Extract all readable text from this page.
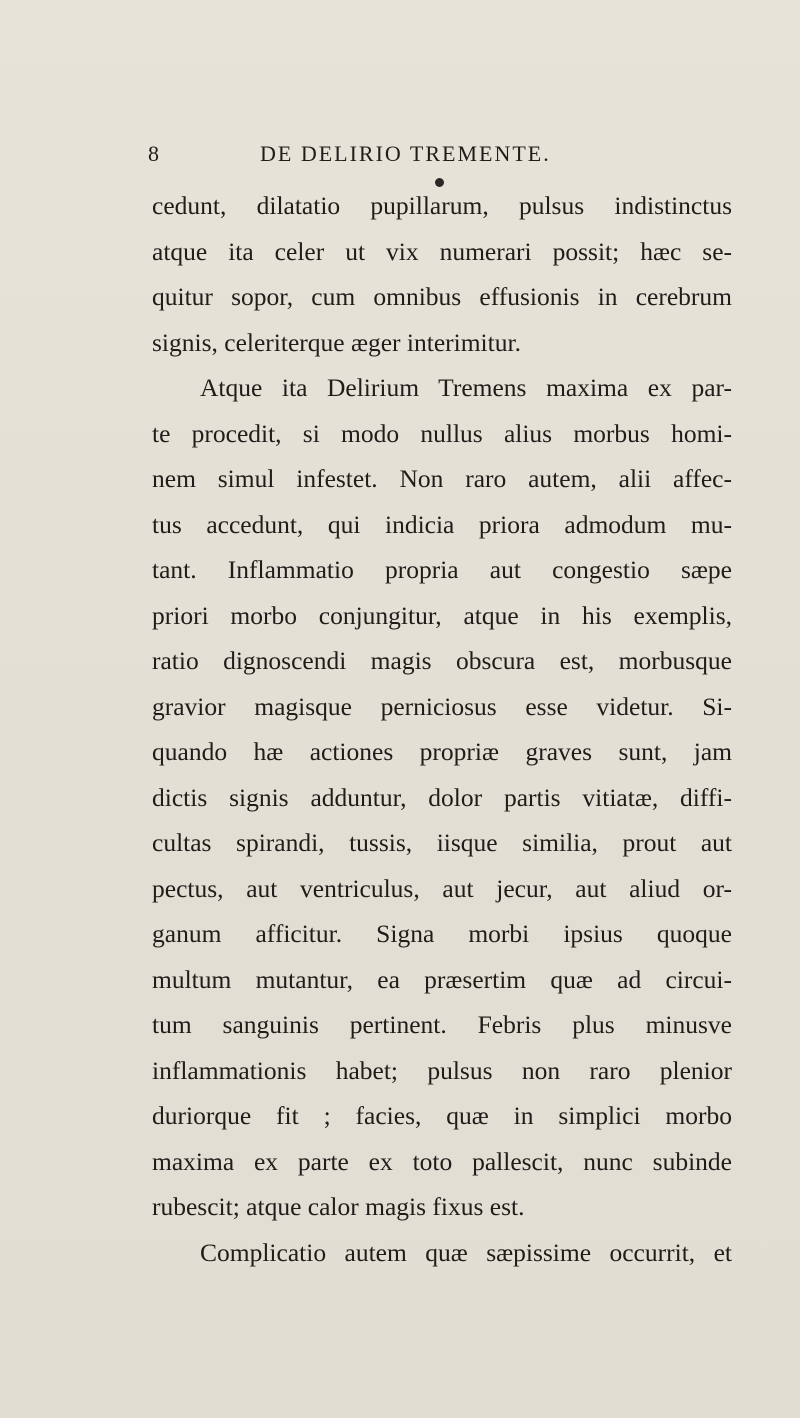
8	DE DELIRIO TREMENTE.
cedunt, dilatatio pupillarum, pulsus indistinctus
atque ita celer ut vix numerari possit; hæc se-
quitur sopor, cum omnibus effusionis in cerebrum
signis, celeriterque æger interimitur.
Atque ita Delirium Tremens maxima ex par-
te procedit, si modo nullus alius morbus homi-
nem simul infestet. Non raro autem, alii affec-
tus accedunt, qui indicia priora admodum mu-
tant. Inflammatio propria aut congestio sæpe
priori morbo conjungitur, atque in his exemplis,
ratio dignoscendi magis obscura est, morbusque
gravior magisque perniciosus esse videtur. Si-
quando hæ actiones propriæ graves sunt, jam
dictis signis adduntur, dolor partis vitiatæ, diffi-
cultas spirandi, tussis, iisque similia, prout aut
pectus, aut ventriculus, aut jecur, aut aliud or-
ganum afficitur. Signa morbi ipsius quoque
multum mutantur, ea præsertim quæ ad circui-
tum sanguinis pertinent. Febris plus minusve
inflammationis habet; pulsus non raro plenior
duriorque fit ; facies, quæ in simplici morbo
maxima ex parte ex toto pallescit, nunc subinde
rubescit; atque calor magis fixus est.
Complicatio autem quæ sæpissime occurrit, et
